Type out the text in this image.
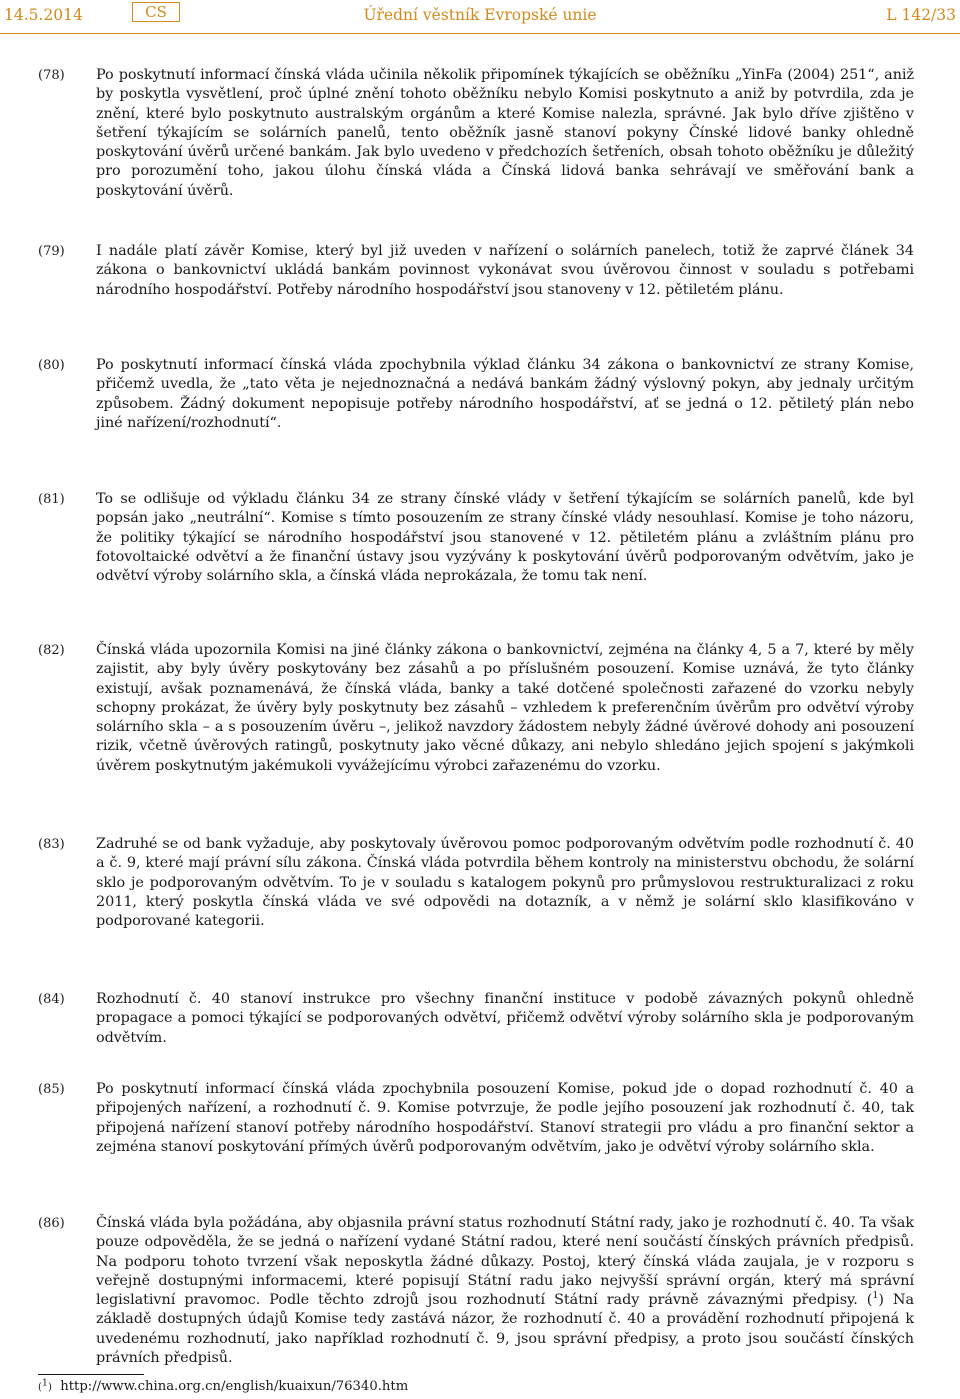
14.5.2014	CS	Úřední věstník Evropské unie	L 142/33
(78)	Po poskytnutí informací čínská vláda učinila několik připomínek týkajících se oběžníku „YinFa (2004) 251“, aniž by poskytla vysvětlení, proč úplné znění tohoto oběžníku nebylo Komisi poskytnuto a aniž by potvrdila, zda je znění, které bylo poskytnuto australským orgánům a které Komise nalezla, správné. Jak bylo dříve zjištěno v šetření týkajícím se solárních panelů, tento oběžník jasně stanoví pokyny Čínské lidové banky ohledně poskytování úvěrů určené bankám. Jak bylo uvedeno v předchozích šetřeních, obsah tohoto oběžníku je důležitý pro porozumění toho, jakou úlohu čínská vláda a Čínská lidová banka sehrávají ve směřování bank a poskytování úvěrů.
(79)	I nadále platí závěr Komise, který byl již uveden v nařízení o solárních panelech, totiž že zaprvé článek 34 zákona o bankovnictví ukládá bankám povinnost vykonávat svou úvěrovou činnost v souladu s potřebami národního hospodářství. Potřeby národního hospodářství jsou stanoveny v 12. pětiletém plánu.
(80)	Po poskytnutí informací čínská vláda zpochybnila výklad článku 34 zákona o bankovnictví ze strany Komise, přičemž uvedla, že „tato věta je nejednoznačná a nedává bankám žádný výslovný pokyn, aby jednaly určitým způsobem. Žádný dokument nepopisuje potřeby národního hospodářství, ať se jedná o 12. pětiletý plán nebo jiné nařízení/rozhodnutí“.
(81)	To se odlišuje od výkladu článku 34 ze strany čínské vlády v šetření týkajícím se solárních panelů, kde byl popsán jako „neutrální“. Komise s tímto posouzením ze strany čínské vlády nesouhlasí. Komise je toho názoru, že politiky týkající se národního hospodářství jsou stanovené v 12. pětiletém plánu a zvláštním plánu pro fotovoltaické odvětví a že finanční ústavy jsou vyzývány k poskytování úvěrů podporovaným odvětvím, jako je odvětví výroby solárního skla, a čínská vláda neprokázala, že tomu tak není.
(82)	Čínská vláda upozornila Komisi na jiné články zákona o bankovnictví, zejména na články 4, 5 a 7, které by měly zajistit, aby byly úvěry poskytovány bez zásahů a po příslušném posouzení. Komise uznává, že tyto články existují, avšak poznamenává, že čínská vláda, banky a také dotčené společnosti zařazené do vzorku nebyly schopny prokázat, že úvěry byly poskytnuty bez zásahů – vzhledem k preferenčním úvěrům pro odvětví výroby solárního skla – a s posouzením úvěru –, jelikož navzdory žádostem nebyly žádné úvěrové dohody ani posouzení rizik, včetně úvěrových ratingů, poskytnuty jako věcné důkazy, ani nebylo shledáno jejich spojení s jakýmkoli úvěrem poskytnutým jakémukoli vyvážejícímu výrobci zařazenému do vzorku.
(83)	Zadruhé se od bank vyžaduje, aby poskytovaly úvěrovou pomoc podporovaným odvětvím podle rozhodnutí č. 40 a č. 9, které mají právní sílu zákona. Čínská vláda potvrdila během kontroly na ministerstvu obchodu, že solární sklo je podporovaným odvětvím. To je v souladu s katalogem pokynů pro průmyslovou restrukturalizaci z roku 2011, který poskytla čínská vláda ve své odpovědi na dotazník, a v němž je solární sklo klasifikováno v podporované kategorii.
(84)	Rozhodnutí č. 40 stanoví instrukce pro všechny finanční instituce v podobě závazných pokynů ohledně propagace a pomoci týkající se podporovaných odvětví, přičemž odvětví výroby solárního skla je podporovaným odvětvím.
(85)	Po poskytnutí informací čínská vláda zpochybnila posouzení Komise, pokud jde o dopad rozhodnutí č. 40 a připojených nařízení, a rozhodnutí č. 9. Komise potvrzuje, že podle jejího posouzení jak rozhodnutí č. 40, tak připojená nařízení stanoví potřeby národního hospodářství. Stanoví strategii pro vládu a pro finanční sektor a zejména stanoví poskytování přímých úvěrů podporovaným odvětvím, jako je odvětví výroby solárního skla.
(86)	Čínská vláda byla požádána, aby objasnila právní status rozhodnutí Státní rady, jako je rozhodnutí č. 40. Ta však pouze odpověděla, že se jedná o nařízení vydané Státní radou, které není součástí čínských právních předpisů. Na podporu tohoto tvrzení však neposkytla žádné důkazy. Postoj, který čínská vláda zaujala, je v rozporu s veřejně dostupnými informacemi, které popisují Státní radu jako nejvyšší správní orgán, který má správní legislativní pravomoc. Podle těchto zdrojů jsou rozhodnutí Státní rady právně závaznými předpisy. ($^1$) Na základě dostupných údajů Komise tedy zastává názor, že rozhodnutí č. 40 a provádění rozhodnutí připojená k uvedenému rozhodnutí, jako například rozhodnutí č. 9, jsou správní předpisy, a proto jsou součástí čínských právních předpisů.
($^1$) http://www.china.org.cn/english/kuaixun/76340.htm
